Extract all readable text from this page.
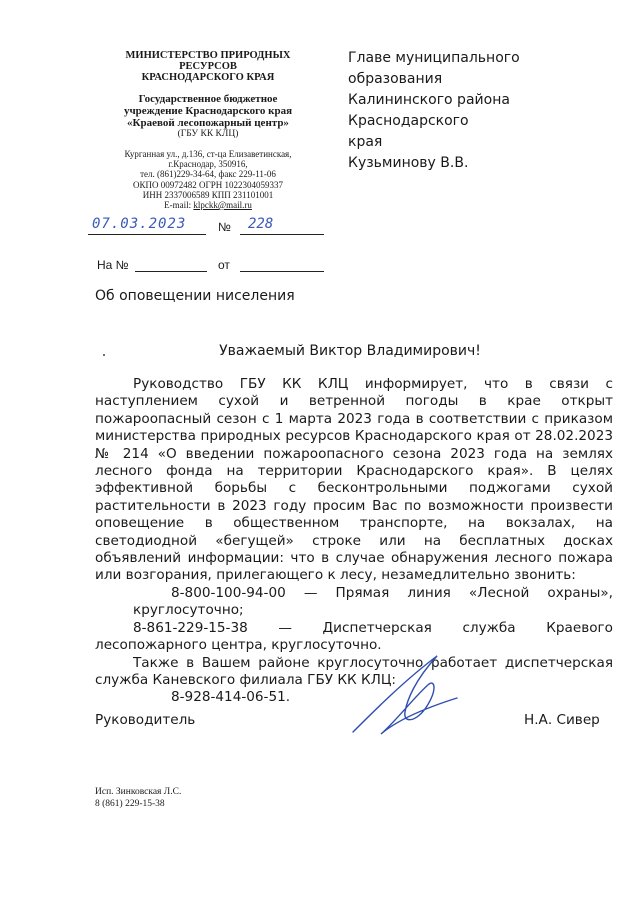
МИНИСТЕРСТВО ПРИРОДНЫХ
РЕСУРСОВ
КРАСНОДАРСКОГО КРАЯ
Государственное бюджетное
учреждение Краснодарского края
«Краевой лесопожарный центр»
(ГБУ КК КЛЦ)
Курганная ул., д.136, ст-ца Елизаветинская,
г.Краснодар, 350916,
тел. (861)229-34-64, факс 229-11-06
ОКПО 00972482 ОГРН 1022304059337
ИНН 2337006589 КПП 231101001
E-mail: klpckk@mail.ru
Главе муниципального образования
Калининского района Краснодарского
края
Кузьминову В.В.
07.03.2023	№ 228
На №	от
Об оповещении нисeления
Уважаемый Виктор Владимирович!

Руководство ГБУ КК КЛЦ информирует, что в связи с наступлением сухой и ветренной погоды в крае открыт пожароопасный сезон с 1 марта 2023 года в соответствии с приказом министерства природных ресурсов Краснодарского края от 28.02.2023 № 214 «О введении пожароопасного сезона 2023 года на землях лесного фонда на территории Краснодарского края». В целях эффективной борьбы с бесконтрольными поджогами сухой растительности в 2023 году просим Вас по возможности произвести оповещение в общественном транспорте, на вокзалах, на светодиодной «бегущей» строке или на бесплатных досках объявлений информации: что в случае обнаружения лесного пожара или возгорания, прилегающего к лесу, незамедлительно звонить:

8-800-100-94-00 — Прямая линия «Лесной охраны», круглосуточно;

8-861-229-15-38 — Диспетчерская служба Краевого лесопожарного центра, круглосуточно.

Также в Вашем районе круглосуточно работает диспетчерская служба Каневского филиала ГБУ КК КЛЦ:

8-928-414-06-51.

Руководитель	Н.А. Сивер
Исп. Зинковская Л.С.
8 (861) 229-15-38
